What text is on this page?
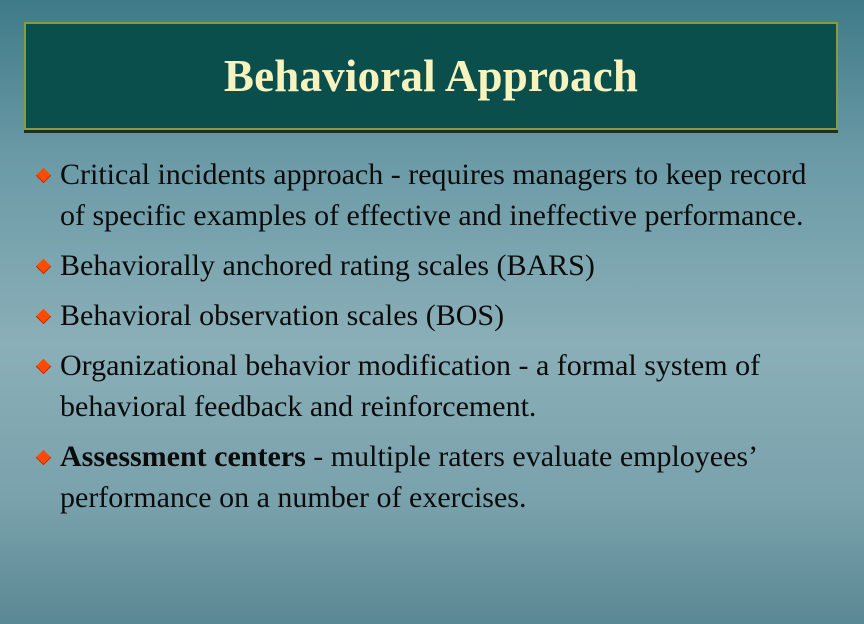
Behavioral Approach
Critical incidents approach - requires managers to keep record of specific examples of effective and ineffective performance.
Behaviorally anchored rating scales (BARS)
Behavioral observation scales (BOS)
Organizational behavior modification - a formal system of behavioral feedback and reinforcement.
Assessment centers - multiple raters evaluate employees’ performance on a number of exercises.
